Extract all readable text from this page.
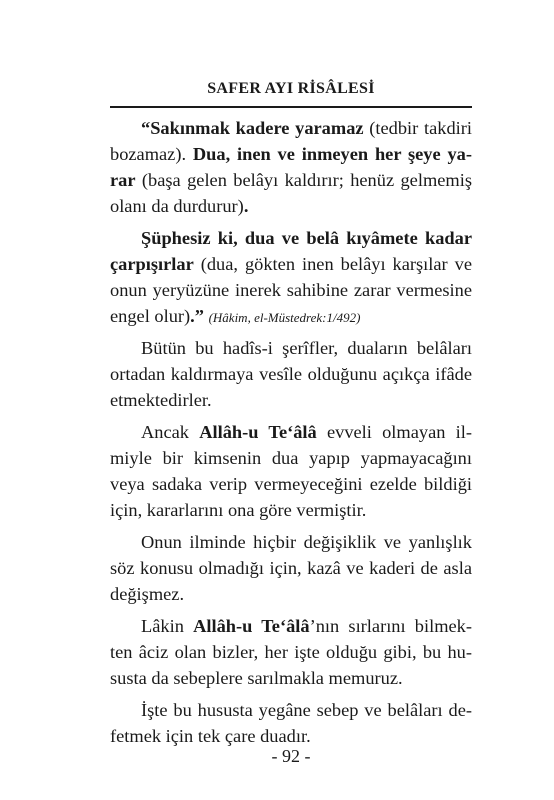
SAFER AYI RİSÂLESİ
“Sakınmak kadere yaramaz (tedbir takdiri
bozamaz). Dua, inen ve inmeyen her şeye ya-
rar (başa gelen belâyı kaldırır; henüz gelmemiş
olanı da durdurur).
Şüphesiz ki, dua ve belâ kıyâmete kadar
çarpışırlar (dua, gökten inen belâyı karşılar ve
onun yeryüzüne inerek sahibine zarar vermesine
engel olur).” (Hâkim, el-Müstedrek:1/492)
Bütün bu hadîs-i şerîfler, duaların belâları
ortadan kaldırmaya vesîle olduğunu açıkça ifâde
etmektedirler.
Ancak Allâh-u Te‘âlâ evveli olmayan il-
miyle bir kimsenin dua yapıp yapmayacağını
veya sadaka verip vermeyeceğini ezelde bildiği
için, kararlarını ona göre vermiştir.
Onun ilminde hiçbir değişiklik ve yanlışlık
söz konusu olmadığı için, kazâ ve kaderi de asla
değişmez.
Lâkin Allâh-u Te‘âlâ’nın sırlarını bilmek-
ten âciz olan bizler, her işte olduğu gibi, bu hu-
susta da sebeplere sarılmakla memuruz.
İşte bu hususta yegâne sebep ve belâları de-
fetmek için tek çare duadır.
- 92 -
